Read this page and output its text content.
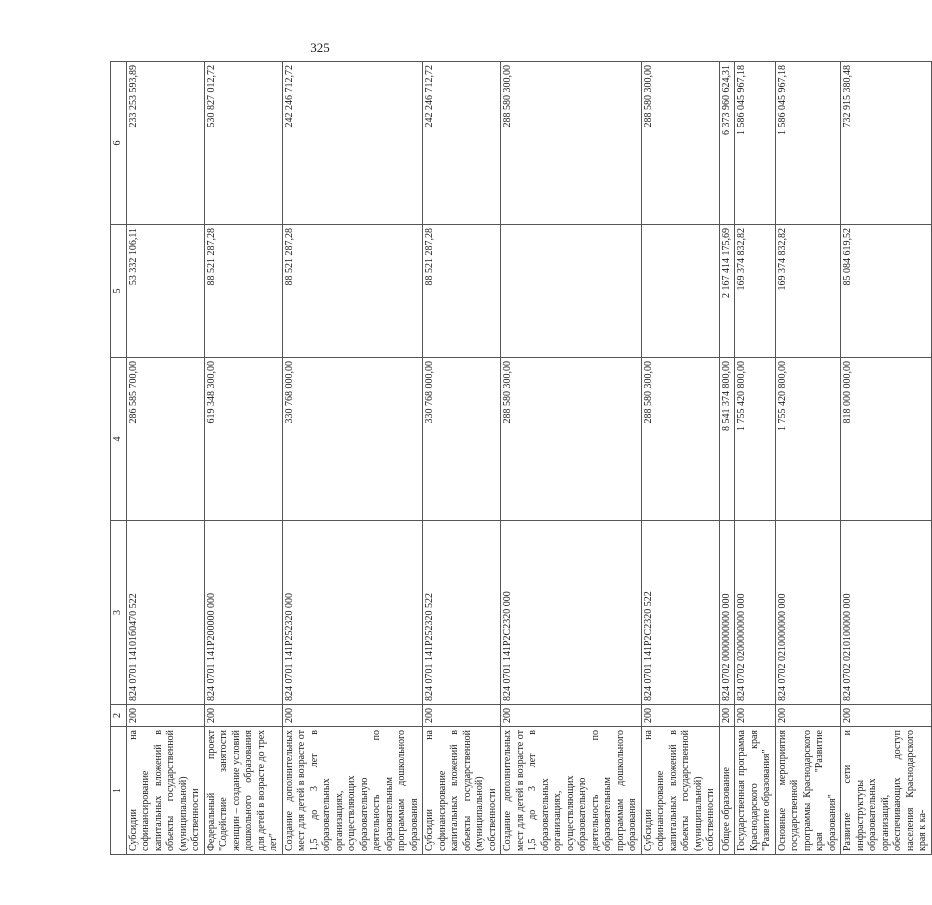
325
1	2	3	4	5	6
Субсидии на софинансирование капитальных вложений в объекты государственной (муниципальной) собственности	200	824 0701 14101б0470 522	286 585 700,00	53 332 106,11	233 253 593,89
Федеральный проект "Содействие занятости женщин – создание условий дошкольного образования для детей в возрасте до трех лет"	200	824 0701 141Р200000 000	619 348 300,00	88 521 287,28	530 827 012,72
Создание дополнительных мест для детей в возрасте от 1,5 до 3 лет в образовательных организациях, осуществляющих образовательную деятельность по образовательным программам дошкольного образования	200	824 0701 141Р252320 000	330 768 000,00	88 521 287,28	242 246 712,72
Субсидии на софинансирование капитальных вложений в объекты государственной (муниципальной) собственности	200	824 0701 141Р252320 522	330 768 000,00	88 521 287,28	242 246 712,72
Создание дополнительных мест для детей в возрасте от 1,5 до 3 лет в образовательных организациях, осуществляющих образовательную деятельность по образовательным программам дошкольного образования	200	824 0701 141Р2С2320 000	288 580 300,00		288 580 300,00
Субсидии на софинансирование капитальных вложений в объекты государственной (муниципальной) собственности	200	824 0701 141Р2С2320 522	288 580 300,00		288 580 300,00
Общее образование	200	824 0702 0000000000 000	8 541 374 800,00	2 167 414 175,69	6 373 960 624,31
Государственная программа Краснодарского края "Развитие образования"	200	824 0702 0200000000 000	1 755 420 800,00	169 374 832,82	1 586 045 967,18
Основные мероприятия государственной программы Краснодарского края "Развитие образования"	200	824 0702 0210000000 000	1 755 420 800,00	169 374 832,82	1 586 045 967,18
Развитие сети и инфраструктуры образовательных организаций, обеспечивающих доступ населения Краснодарского края к ка-	200	824 0702 0210100000 000	818 000 000,00	85 084 619,52	732 915 380,48
